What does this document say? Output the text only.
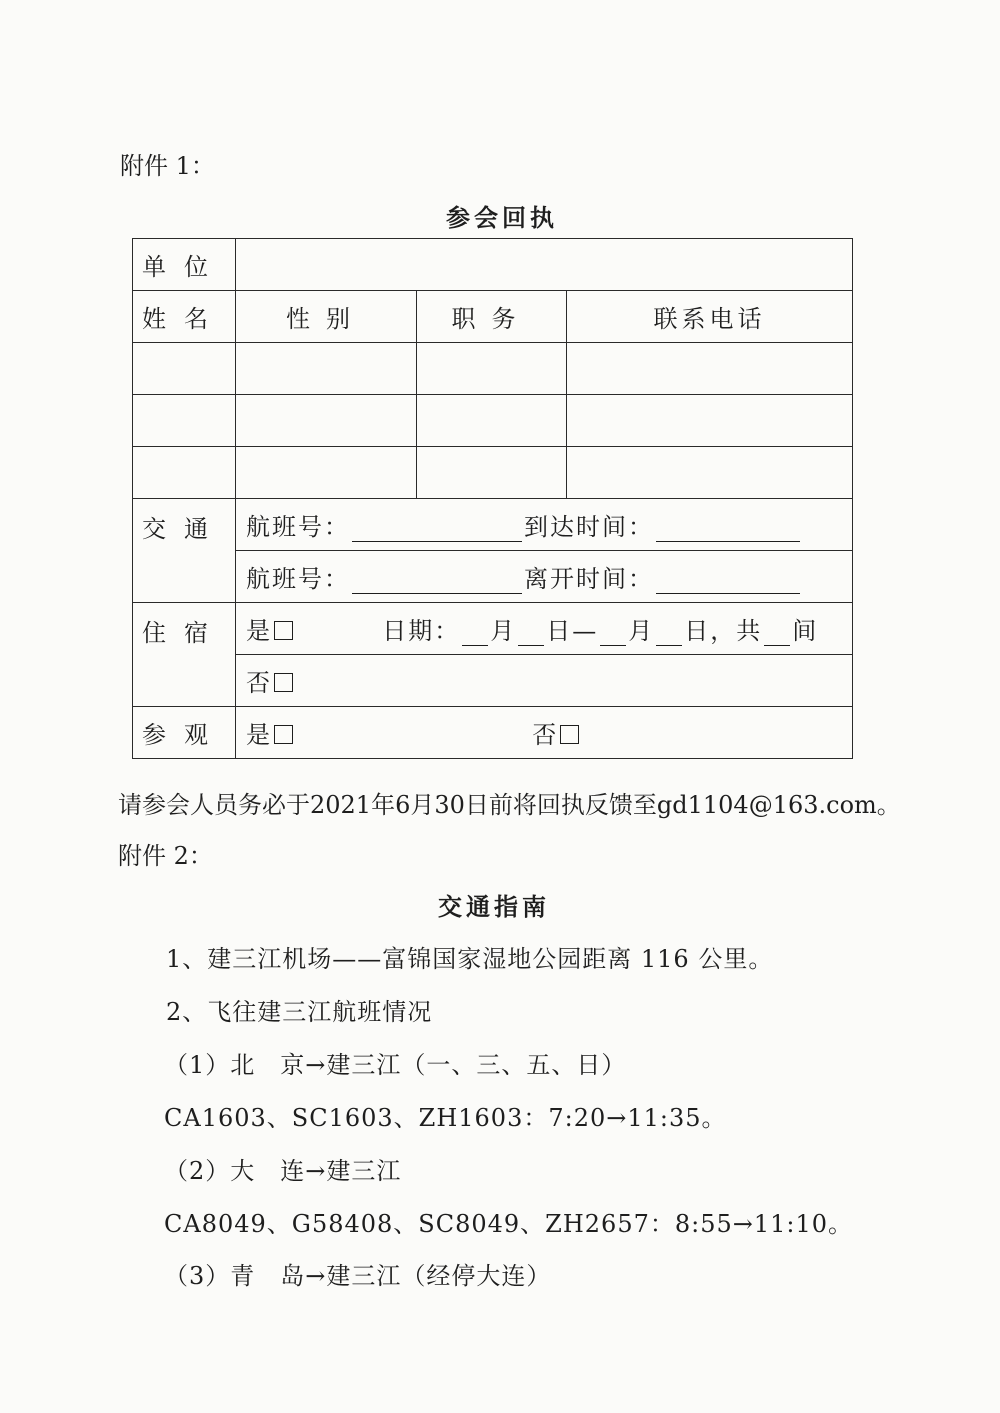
附件 1：
参会回执
单位			
姓名	性别	职务	联系电话

交通	航班号： 到达时间：		
	航班号： 离开时间：		
住宿	是 日期： 月 日— 月 日，共 间		
	否		
参观	是 否		
请参会人员务必于2021年6月30日前将回执反馈至gd1104@163.com。
附件 2：
交通指南
1、建三江机场——富锦国家湿地公园距离 116 公里。
2、飞往建三江航班情况
（1）北　京→建三江（一、三、五、日）
CA1603、SC1603、ZH1603：7:20→11:35。
（2）大　连→建三江
CA8049、G58408、SC8049、ZH2657：8:55→11:10。
（3）青　岛→建三江（经停大连）
